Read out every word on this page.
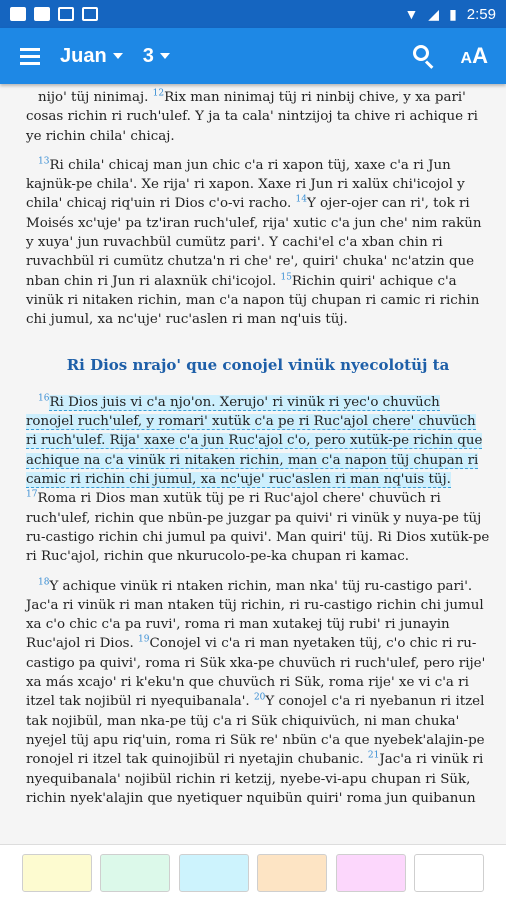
▼ ◢ ▮ 2:59
Juan 3	AA

nijo' tüj ninimaj. $^{12}$Rix man ninimaj tüj ri ninbij chive, y xa pari' cosas richin ri ruch'ulef. Y ja ta cala' nintzijoj ta chive ri achique ri ye richin chila' chicaj.

$^{13}$Ri chila' chicaj man jun chic c'a ri xapon tüj, xaxe c'a ri Jun kajnük-pe chila'. Xe rija' ri xapon. Xaxe ri Jun ri xalüx chi'icojol y chila' chicaj riq'uin ri Dios c'o-vi racho. $^{14}$Y ojer-ojer can ri', tok ri Moisés xc'uje' pa tz'iran ruch'ulef, rija' xutic c'a jun che' nim rakün y xuya' jun ruvachbül cumütz pari'. Y cachi'el c'a xban chin ri ruvachbül ri cumütz chutza'n ri che' re', quiri' chuka' nc'atzin que nban chin ri Jun ri alaxnük chi'icojol. $^{15}$Richin quiri' achique c'a vinük ri nitaken richin, man c'a napon tüj chupan ri camic ri richin chi jumul, xa nc'uje' ruc'aslen ri man nq'uis tüj.

Ri Dios nrajo' que conojel vinük nyecolotüj ta

$^{16}$Ri Dios juis vi c'a njo'on. Xerujo' ri vinük ri yec'o chuvüch ronojel ruch'ulef, y romari' xutük c'a pe ri Ruc'ajol chere' chuvüch ri ruch'ulef. Rija' xaxe c'a jun Ruc'ajol c'o, pero xutük-pe richin que achique na c'a vinük ri nitaken richin, man c'a napon tüj chupan ri camic ri richin chi jumul, xa nc'uje' ruc'aslen ri man nq'uis tüj. $^{17}$Roma ri Dios man xutük tüj pe ri Ruc'ajol chere' chuvüch ri ruch'ulef, richin que nbün-pe juzgar pa quivi' ri vinük y nuya-pe tüj ru-castigo richin chi jumul pa quivi'. Man quiri' tüj. Ri Dios xutük-pe ri Ruc'ajol, richin que nkurucolo-pe-ka chupan ri kamac.

$^{18}$Y achique vinük ri ntaken richin, man nka' tüj ru-castigo pari'. Jac'a ri vinük ri man ntaken tüj richin, ri ru-castigo richin chi jumul xa c'o chic c'a pa ruvi', roma ri man xutakej tüj rubi' ri junayin Ruc'ajol ri Dios. $^{19}$Conojel vi c'a ri man nyetaken tüj, c'o chic ri ru-castigo pa quivi', roma ri Sük xka-pe chuvüch ri ruch'ulef, pero rije' xa más xcajo' ri k'eku'n que chuvüch ri Sük, roma rije' xe vi c'a ri itzel tak nojibül ri nyequibanala'. $^{20}$Y conojel c'a ri nyebanun ri itzel tak nojibül, man nka-pe tüj c'a ri Sük chiquivüch, ni man chuka' nyejel tüj apu riq'uin, roma ri Sük re' nbün c'a que nyebek'alajin-pe ronojel ri itzel tak quinojibül ri nyetajin chubanic. $^{21}$Jac'a ri vinük ri nyequibanala' nojibül richin ri ketzij, nyebe-vi-apu chupan ri Sük, richin nyek'alajin que nyetiquer nquibün quiri' roma jun quibanun
